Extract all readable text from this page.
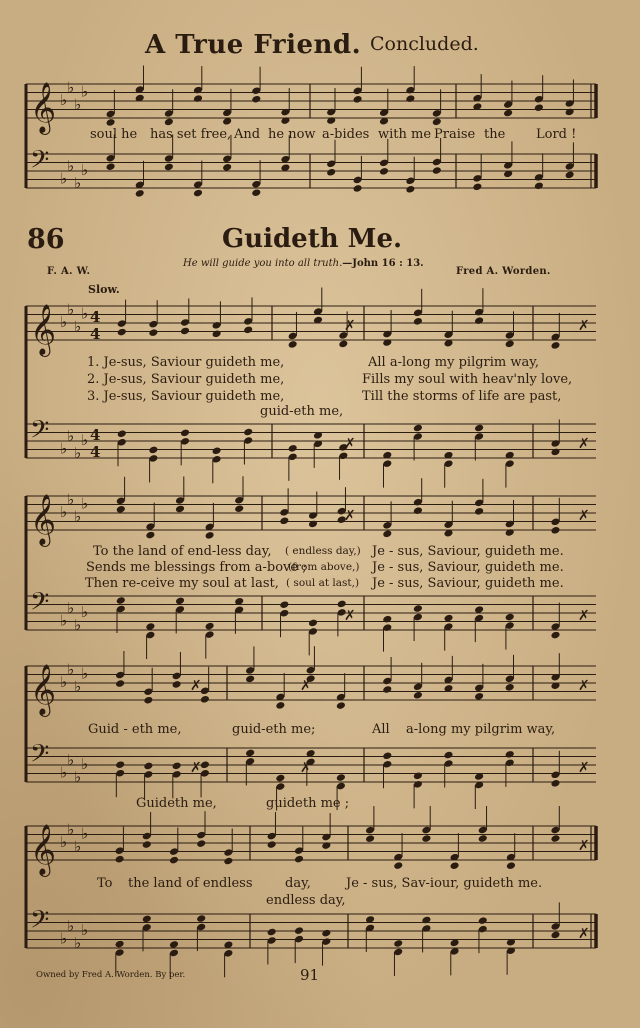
A True Friend. Concluded.
𝄞 ♭
♭
♭
♭
𝄢 ♭
♭
♭
♭
𝄞 ♭
♭
♭
♭
𝄢 ♭
♭
♭
♭
4
4
4
4
✗	✗
✗	✗
𝄞 ♭
♭
♭
♭
𝄢 ♭
♭
♭
♭
✗	✗
✗	✗
𝄞 ♭
♭
♭
♭
𝄢 ♭
♭
♭
♭
✗	✗	✗
✗	✗	✗
𝄞 ♭
♭
♭
♭
𝄢 ♭
♭
♭
♭
✗
✗
soul he has set free, And he now a-bides with me Praise the Lord !
86	Guideth Me.
He will guide you into all truth.—John 16 : 13.
F. A. W.	Fred A. Worden.
Slow.
1. Je-sus, Saviour guideth me,	All a-long my pilgrim way,
2. Je-sus, Saviour guideth me,	Fills my soul with heav'nly love,
3. Je-sus, Saviour guideth me,	Till the storms of life are past,
guid-eth me,
To the land of end-less day, ( endless day,) Je - sus, Saviour, guideth me.
Sends me blessings from a-bove ;
(from above,) Je - sus, Saviour, guideth me.
Then re-ceive my soul at last, ( soul at last,) Je - sus, Saviour, guideth me.
Guid - eth me,	guid-eth me;	All a-long my pilgrim way,
Guideth me,	guideth me ;
To the land of endless day,	Je - sus, Sav-iour, guideth me.
endless day,
Owned by Fred A. Worden. By per.	91
